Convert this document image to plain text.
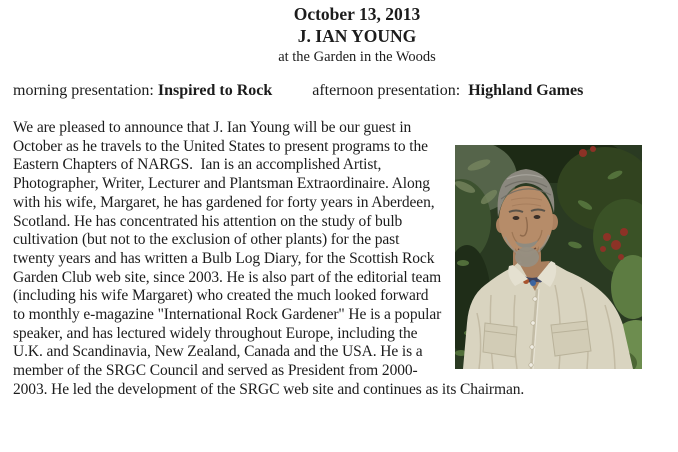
October 13, 2013
J. IAN YOUNG
at the Garden in the Woods
morning presentation: Inspired to Rock	afternoon presentation:  Highland Games

We are pleased to announce that J. Ian Young will be our guest in October as he travels to the United States to present programs to the Eastern Chapters of NARGS.  Ian is an accomplished Artist, Photographer, Writer, Lecturer and Plantsman Extraordinaire. Along with his wife, Margaret, he has gardened for forty years in Aberdeen, Scotland. He has concentrated his attention on the study of bulb cultivation (but not to the exclusion of other plants) for the past twenty years and has written a Bulb Log Diary, for the Scottish Rock Garden Club web site, since 2003. He is also part of the editorial team (including his wife Margaret) who created the much looked forward to monthly e-magazine "International Rock Gardener" He is a popular speaker, and has lectured widely throughout Europe, including the U.K. and Scandinavia, New Zealand, Canada and the USA. He is a member of the SRGC Council and served as President from 2000-2003. He led the development of the SRGC web site and continues as its Chairman.
